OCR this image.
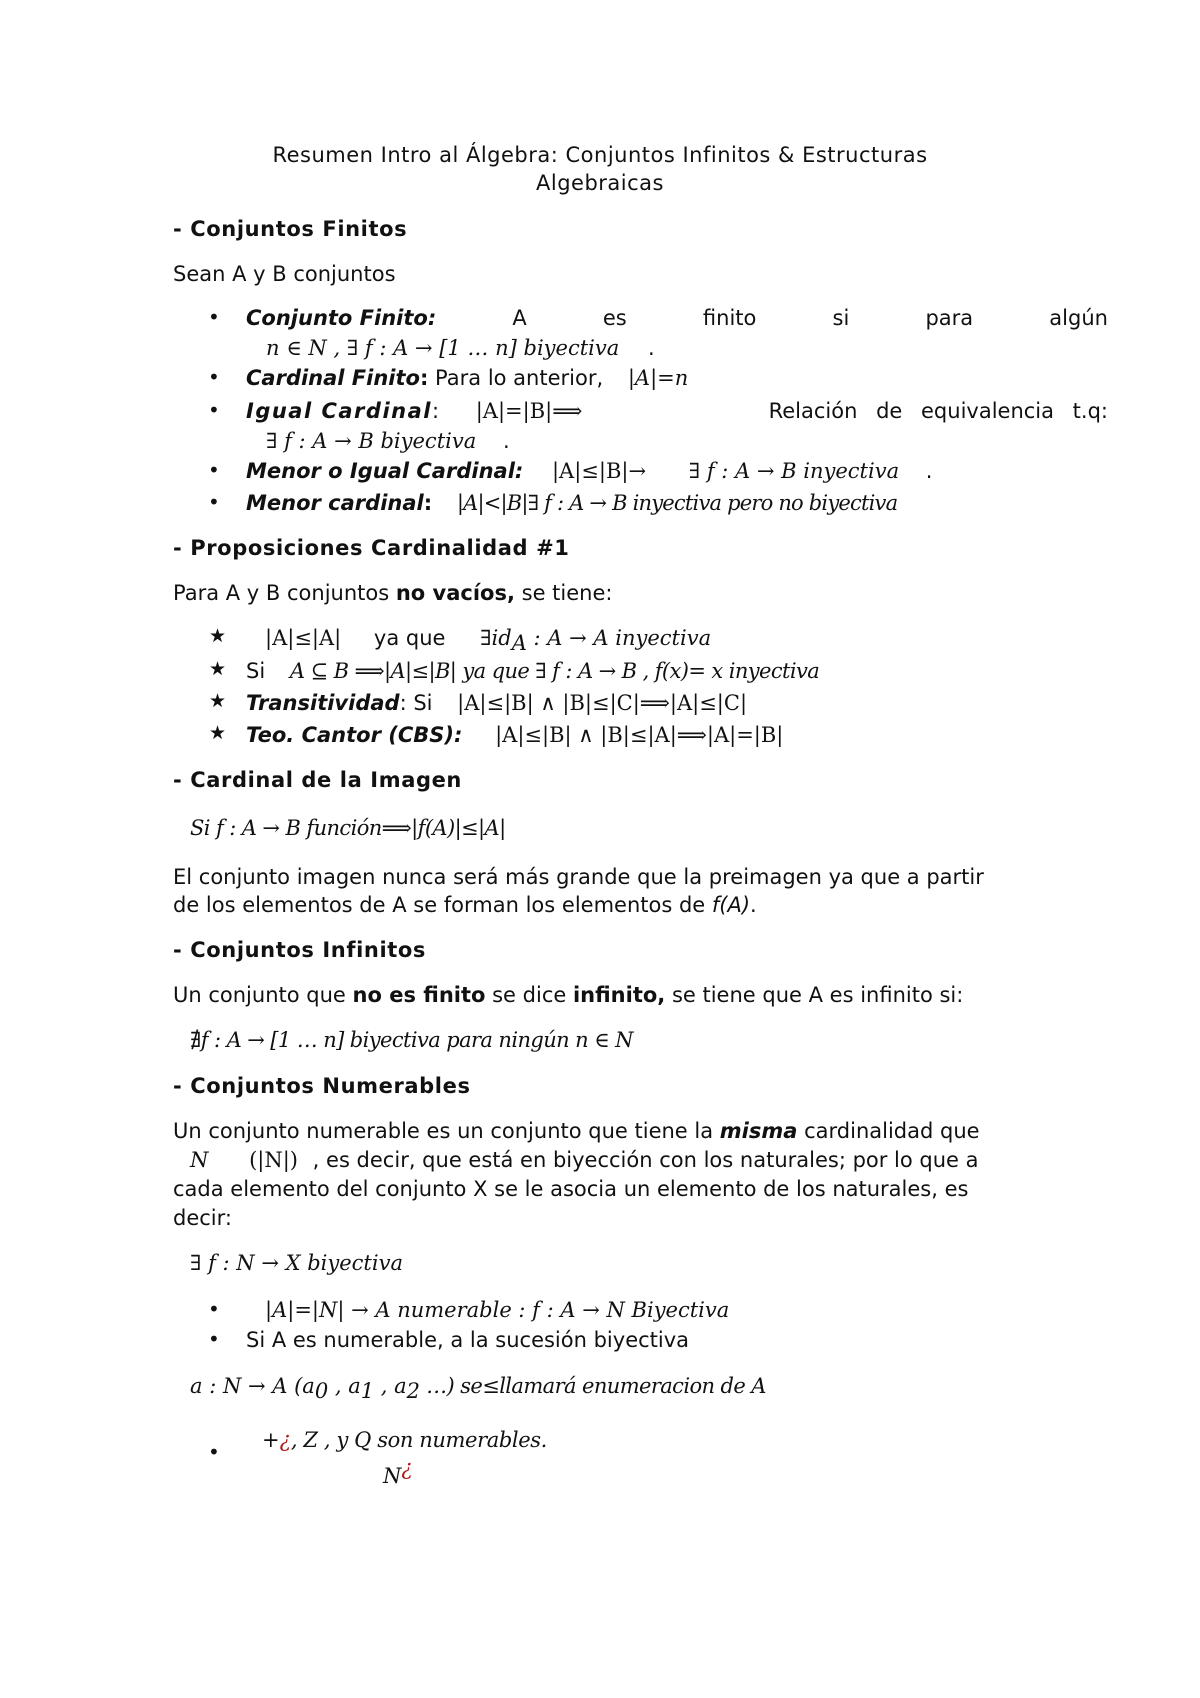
Resumen Intro al Álgebra: Conjuntos Infinitos & Estructuras
Algebraicas
- Conjuntos Finitos
Sean A y B conjuntos
• Conjunto Finito:	A	es	finito	si	para	algún
n ∈ N , ∃ f : A → [1 … n] biyectiva .
• Cardinal Finito: Para lo anterior, |A|=n
• Igual Cardinal: |A|=|B|⟹	Relación de equivalencia t.q:
∃ f : A → B biyectiva .
• Menor o Igual Cardinal: |A|≤|B|→ ∃ f : A → B inyectiva .
• Menor cardinal: |A|<|B|∃ f : A → B inyectiva pero no biyectiva
- Proposiciones Cardinalidad #1
Para A y B conjuntos no vacíos, se tiene:
★ |A|≤|A| ya que $\exists id_A$ : A → A inyectiva
★ Si A ⊆ B ⟹|A|≤|B| ya que ∃ f : A → B , f(x)= x inyectiva
★ Transitividad: Si |A|≤|B| ∧ |B|≤|C|⟹|A|≤|C|
★ Teo. Cantor (CBS): |A|≤|B| ∧ |B|≤|A|⟹|A|=|B|
- Cardinal de la Imagen
Si f : A → B función⟹|f(A)|≤|A|
El conjunto imagen nunca será más grande que la preimagen ya que a partir
de los elementos de A se forman los elementos de f(A).
- Conjuntos Infinitos
Un conjunto que no es finito se dice infinito, se tiene que A es infinito si:
∄f : A → [1 … n] biyectiva para ningún n ∈ N
- Conjuntos Numerables
Un conjunto numerable es un conjunto que tiene la misma cardinalidad que
N (|N|) , es decir, que está en biyección con los naturales; por lo que a
cada elemento del conjunto X se le asocia un elemento de los naturales, es
decir:
∃ f : N → X biyectiva
• |A|=|N| → A numerable : f : A → N Biyectiva
• Si A es numerable, a la sucesión biyectiva
a : N → A ($a_0$ , $a_1$ , $a_2$ …) se≤llamará enumeracion de A
• +¿, Z , y Q son numerables.
N¿
